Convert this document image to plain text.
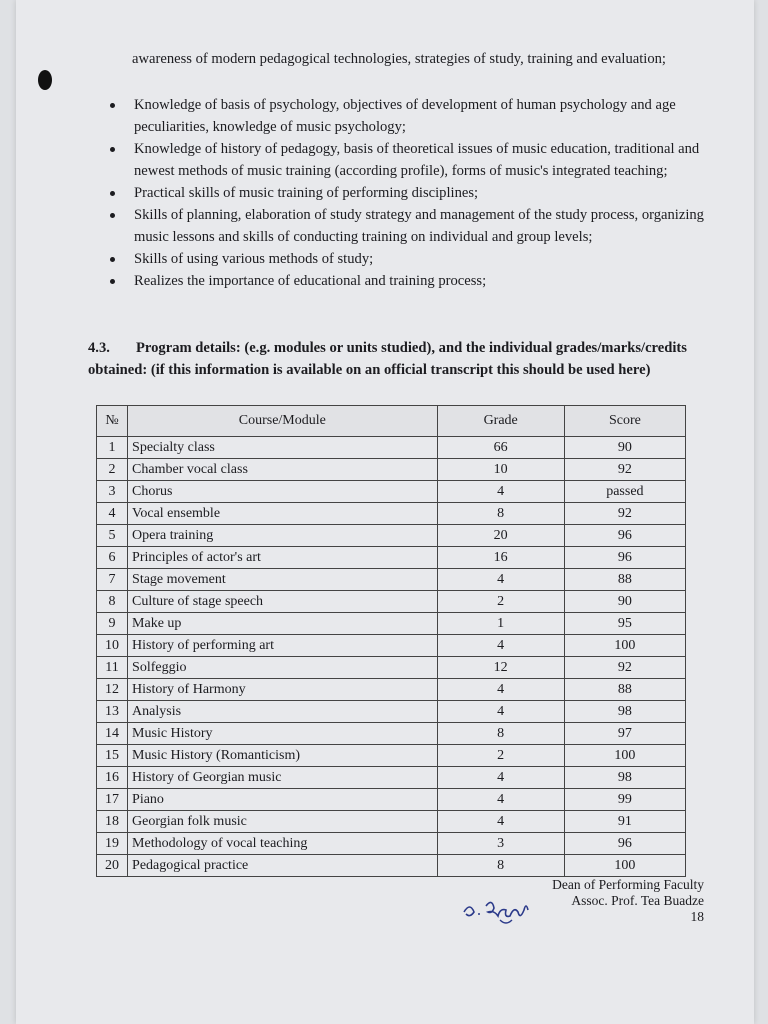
awareness of modern pedagogical technologies, strategies of study, training and evaluation;
Knowledge of basis of psychology, objectives of development of human psychology and age peculiarities, knowledge of music psychology;
Knowledge of history of pedagogy, basis of theoretical issues of music education, traditional and newest methods of music training (according profile), forms of music's integrated teaching;
Practical skills of music training of performing disciplines;
Skills of planning, elaboration of study strategy and management of the study process, organizing music lessons and skills of conducting training on individual and group levels;
Skills of using various methods of study;
Realizes the importance of educational and training process;
4.3. Program details: (e.g. modules or units studied), and the individual grades/marks/credits obtained: (if this information is available on an official transcript this should be used here)
№	Course/Module	Grade	Score
1	Specialty class	66	90
2	Chamber vocal class	10	92
3	Chorus	4	passed
4	Vocal ensemble	8	92
5	Opera training	20	96
6	Principles of actor's art	16	96
7	Stage movement	4	88
8	Culture of stage speech	2	90
9	Make up	1	95
10	History of performing art	4	100
11	Solfeggio	12	92
12	History of Harmony	4	88
13	Analysis	4	98
14	Music History	8	97
15	Music History (Romanticism)	2	100
16	History of Georgian music	4	98
17	Piano	4	99
18	Georgian folk music	4	91
19	Methodology of vocal teaching	3	96
20	Pedagogical practice	8	100
Dean of Performing Faculty
Assoc. Prof. Tea Buadze
18
